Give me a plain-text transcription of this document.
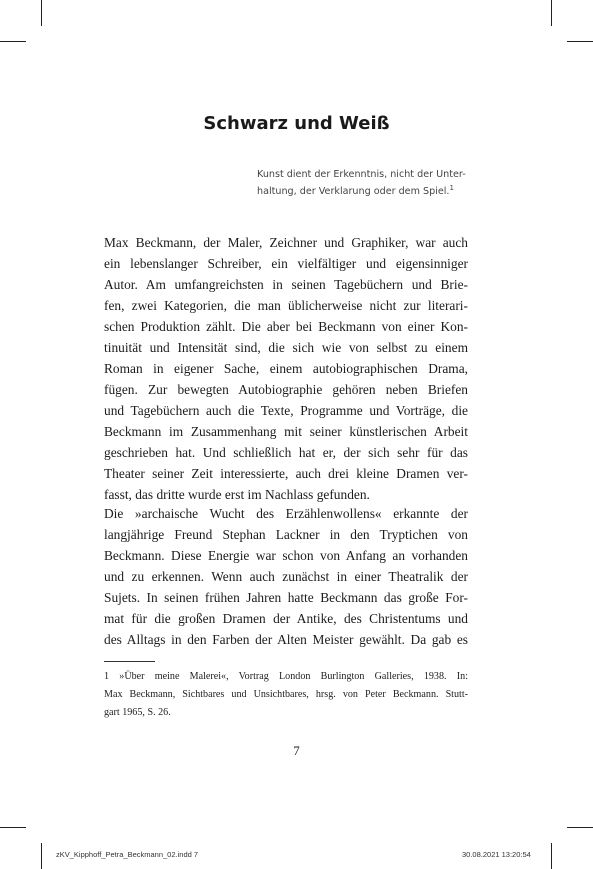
Schwarz und Weiß

Kunst dient der Erkenntnis, nicht der Unter-
haltung, der Verklarung oder dem Spiel.$^1$

Max Beckmann, der Maler, Zeichner und Graphiker, war auch
ein lebenslanger Schreiber, ein vielfältiger und eigensinniger
Autor. Am umfangreichsten in seinen Tagebüchern und Brie-
fen, zwei Kategorien, die man üblicherweise nicht zur literari-
schen Produktion zählt. Die aber bei Beckmann von einer Kon-
tinuität und Intensität sind, die sich wie von selbst zu einem
Roman in eigener Sache, einem autobiographischen Drama,
fügen. Zur bewegten Autobiographie gehören neben Briefen
und Tagebüchern auch die Texte, Programme und Vorträge, die
Beckmann im Zusammenhang mit seiner künstlerischen Arbeit
geschrieben hat. Und schließlich hat er, der sich sehr für das
Theater seiner Zeit interessierte, auch drei kleine Dramen ver-
fasst, das dritte wurde erst im Nachlass gefunden.
Die »archaische Wucht des Erzählenwollens« erkannte der
langjährige Freund Stephan Lackner in den Tryptichen von
Beckmann. Diese Energie war schon von Anfang an vorhanden
und zu erkennen. Wenn auch zunächst in einer Theatralik der
Sujets. In seinen frühen Jahren hatte Beckmann das große For-
mat für die großen Dramen der Antike, des Christentums und
des Alltags in den Farben der Alten Meister gewählt. Da gab es
1 »Über meine Malerei«, Vortrag London Burlington Galleries, 1938. In:
Max Beckmann, Sichtbares und Unsichtbares, hrsg. von Peter Beckmann. Stutt-
gart 1965, S. 26.
7
zKV_Kipphoff_Petra_Beckmann_02.indd 7	30.08.2021 13:20:54
